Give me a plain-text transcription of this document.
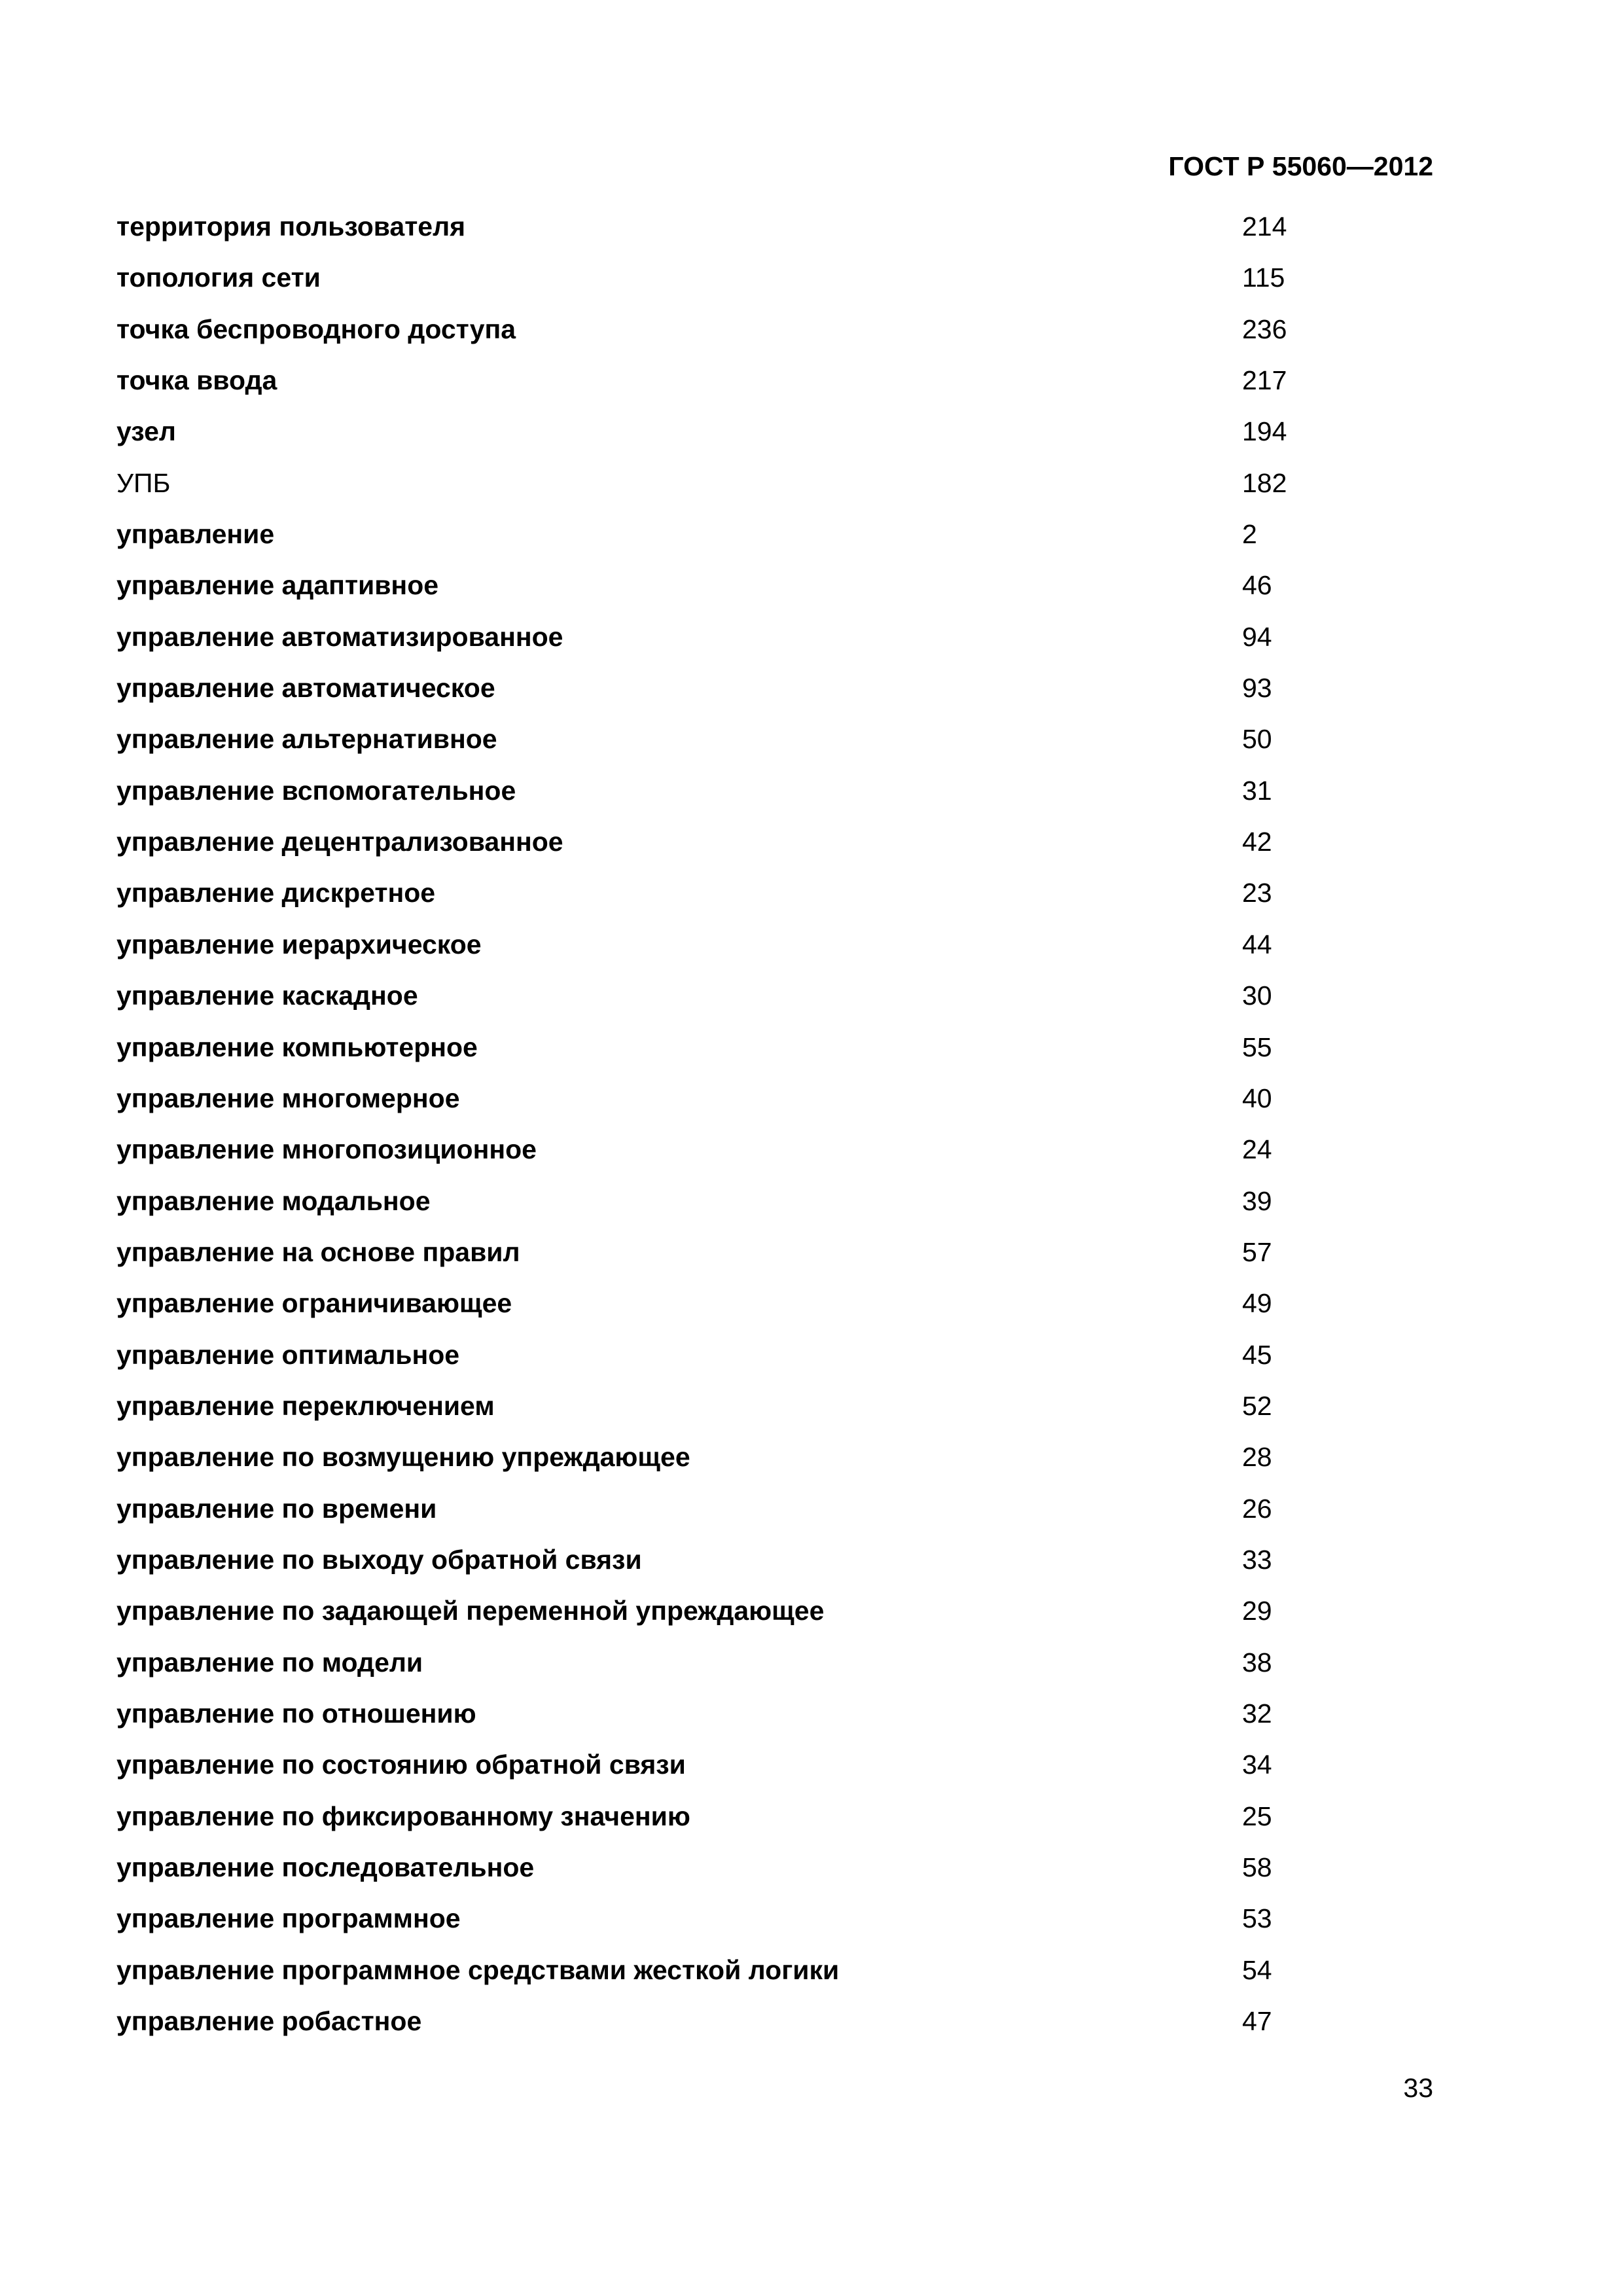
ГОСТ Р 55060—2012
территория пользователя	214
топология сети	115
точка беспроводного доступа	236
точка ввода	217
узел	194
УПБ	182
управление	2
управление адаптивное	46
управление автоматизированное	94
управление автоматическое	93
управление альтернативное	50
управление вспомогательное	31
управление децентрализованное	42
управление дискретное	23
управление иерархическое	44
управление каскадное	30
управление компьютерное	55
управление многомерное	40
управление многопозиционное	24
управление модальное	39
управление на основе правил	57
управление ограничивающее	49
управление оптимальное	45
управление переключением	52
управление по возмущению упреждающее	28
управление по времени	26
управление по выходу обратной связи	33
управление по задающей переменной упреждающее	29
управление по модели	38
управление по отношению	32
управление по состоянию обратной связи	34
управление по фиксированному значению	25
управление последовательное	58
управление программное	53
управление программное средствами жесткой логики	54
управление робастное	47
33
